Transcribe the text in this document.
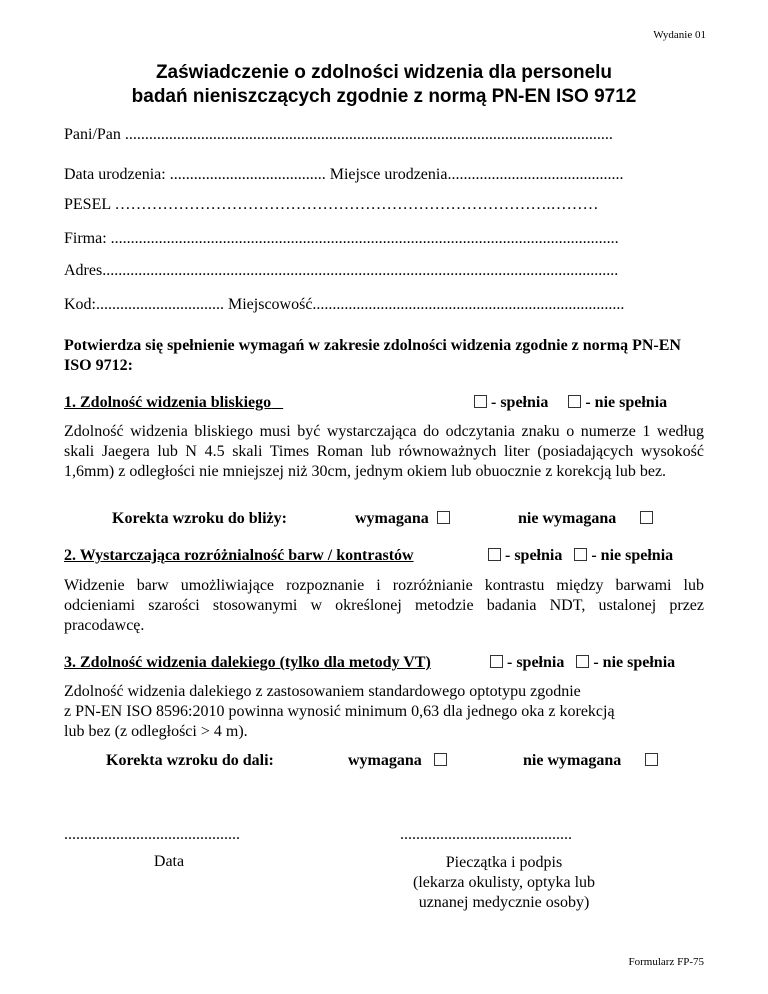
Wydanie 01
Zaświadczenie o zdolności widzenia dla personelu
badań nieniszczących zgodnie z normą PN-EN ISO 9712
Pani/Pan ..........................................................................................................................
Data urodzenia: ....................................... Miejsce urodzenia............................................
PESEL ……………………………………………………………………….………
Firma: ...............................................................................................................................
Adres.................................................................................................................................
Kod:................................ Miejscowość..............................................................................
Potwierdza się spełnienie wymagań w zakresie zdolności widzenia zgodnie z normą PN-EN ISO 9712:
1. Zdolność widzenia bliskiego	- spełnia - nie spełnia
Zdolność widzenia bliskiego musi być wystarczająca do odczytania znaku o numerze 1 według skali Jaegera lub N 4.5 skali Times Roman lub równoważnych liter (posiadających wysokość 1,6mm) z odległości nie mniejszej niż 30cm, jednym okiem lub obuocznie z korekcją lub bez.
Korekta wzroku do bliży:	wymagana	nie wymagana
2. Wystarczająca rozróżnialność barw / kontrastów	- spełnia - nie spełnia
Widzenie barw umożliwiające rozpoznanie i rozróżnianie kontrastu między barwami lub odcieniami szarości stosowanymi w określonej metodzie badania NDT, ustalonej przez pracodawcę.
3. Zdolność widzenia dalekiego (tylko dla metody VT)	- spełnia - nie spełnia
Zdolność widzenia dalekiego z zastosowaniem standardowego optotypu zgodnie
z PN-EN ISO 8596:2010 powinna wynosić minimum 0,63 dla jednego oka z korekcją
lub bez (z odległości > 4 m).
Korekta wzroku do dali:	wymagana	nie wymagana
............................................
Data
...........................................
Pieczątka i podpis
(lekarza okulisty, optyka lub
uznanej medycznie osoby)
Formularz FP-75
